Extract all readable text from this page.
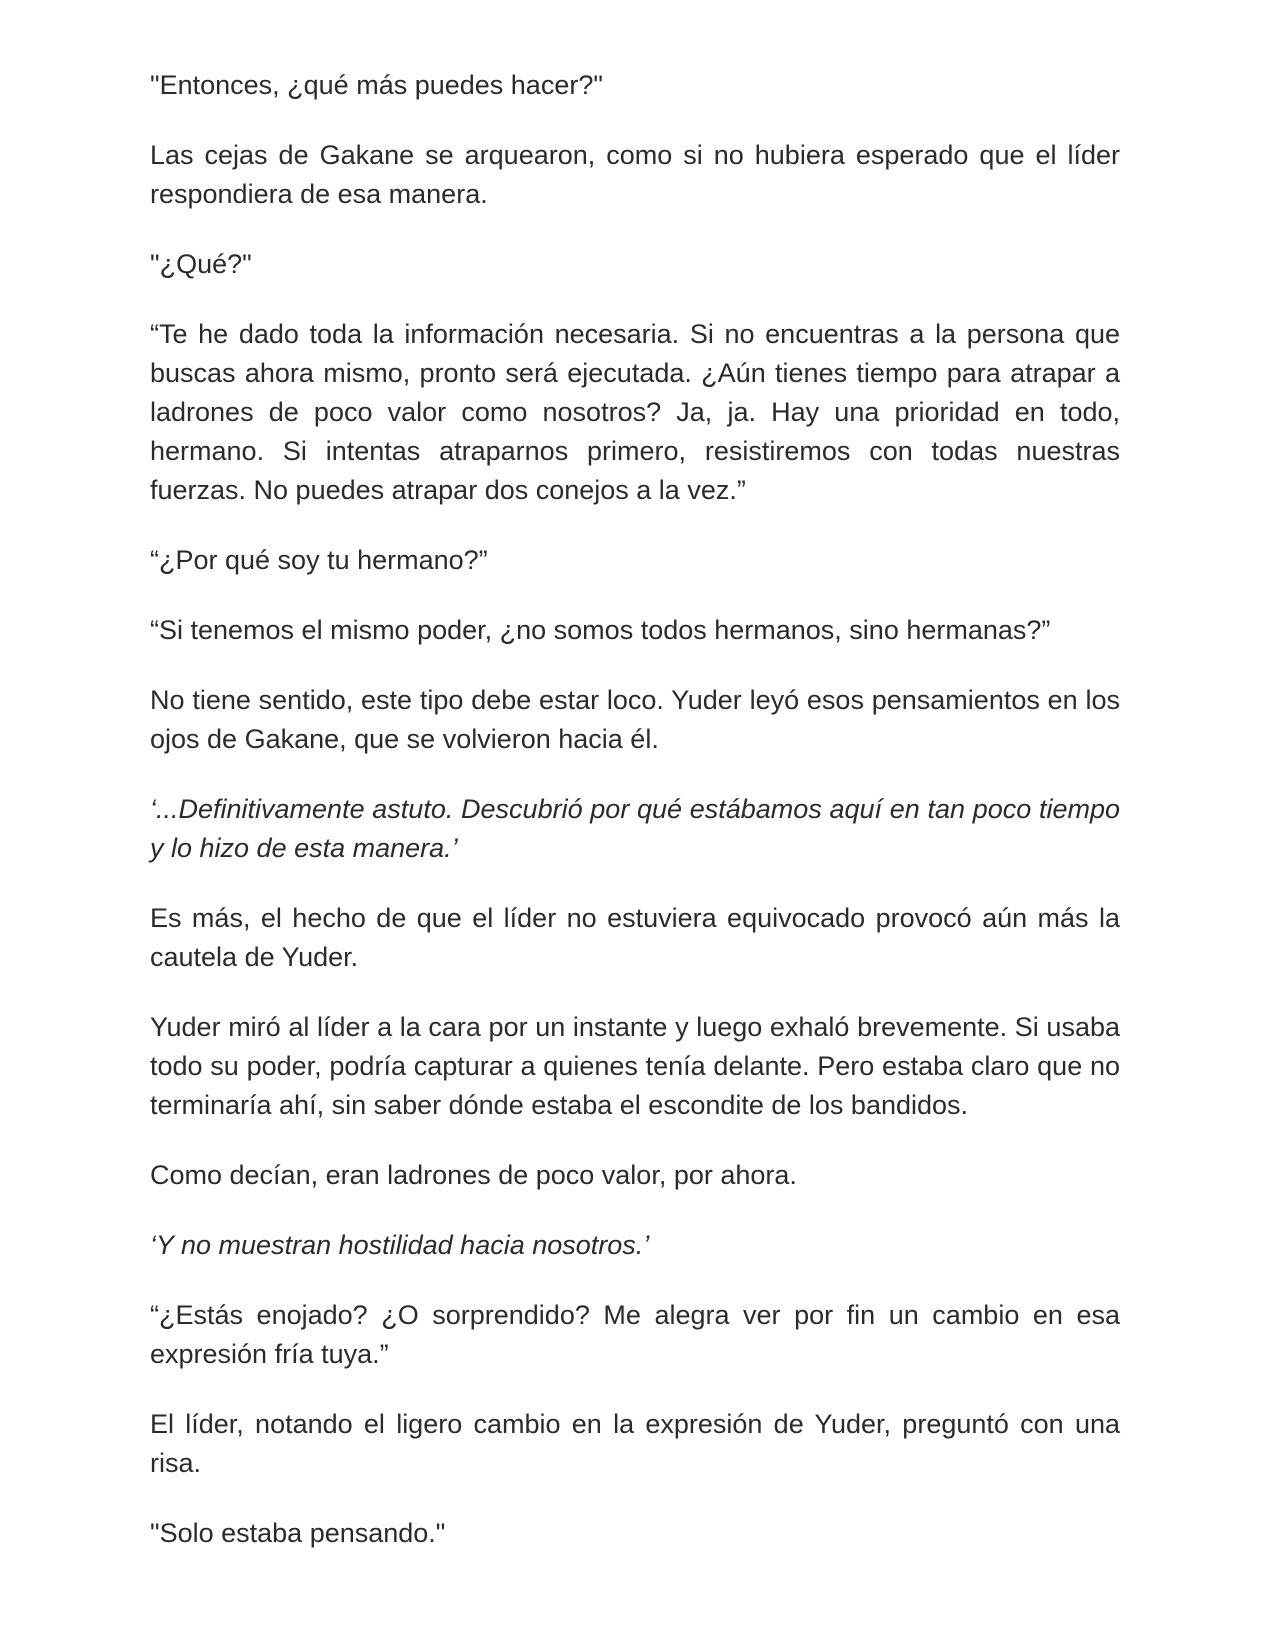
"Entonces, ¿qué más puedes hacer?"

Las cejas de Gakane se arquearon, como si no hubiera esperado que el líder respondiera de esa manera.

"¿Qué?"

“Te he dado toda la información necesaria. Si no encuentras a la persona que buscas ahora mismo, pronto será ejecutada. ¿Aún tienes tiempo para atrapar a ladrones de poco valor como nosotros? Ja, ja. Hay una prioridad en todo, hermano. Si intentas atraparnos primero, resistiremos con todas nuestras fuerzas. No puedes atrapar dos conejos a la vez.”

“¿Por qué soy tu hermano?”

“Si tenemos el mismo poder, ¿no somos todos hermanos, sino hermanas?”

No tiene sentido, este tipo debe estar loco. Yuder leyó esos pensamientos en los ojos de Gakane, que se volvieron hacia él.

‘...Definitivamente astuto. Descubrió por qué estábamos aquí en tan poco tiempo y lo hizo de esta manera.’

Es más, el hecho de que el líder no estuviera equivocado provocó aún más la cautela de Yuder.

Yuder miró al líder a la cara por un instante y luego exhaló brevemente. Si usaba todo su poder, podría capturar a quienes tenía delante. Pero estaba claro que no terminaría ahí, sin saber dónde estaba el escondite de los bandidos.

Como decían, eran ladrones de poco valor, por ahora.

‘Y no muestran hostilidad hacia nosotros.’

“¿Estás enojado? ¿O sorprendido? Me alegra ver por fin un cambio en esa expresión fría tuya.”

El líder, notando el ligero cambio en la expresión de Yuder, preguntó con una risa.

"Solo estaba pensando."
